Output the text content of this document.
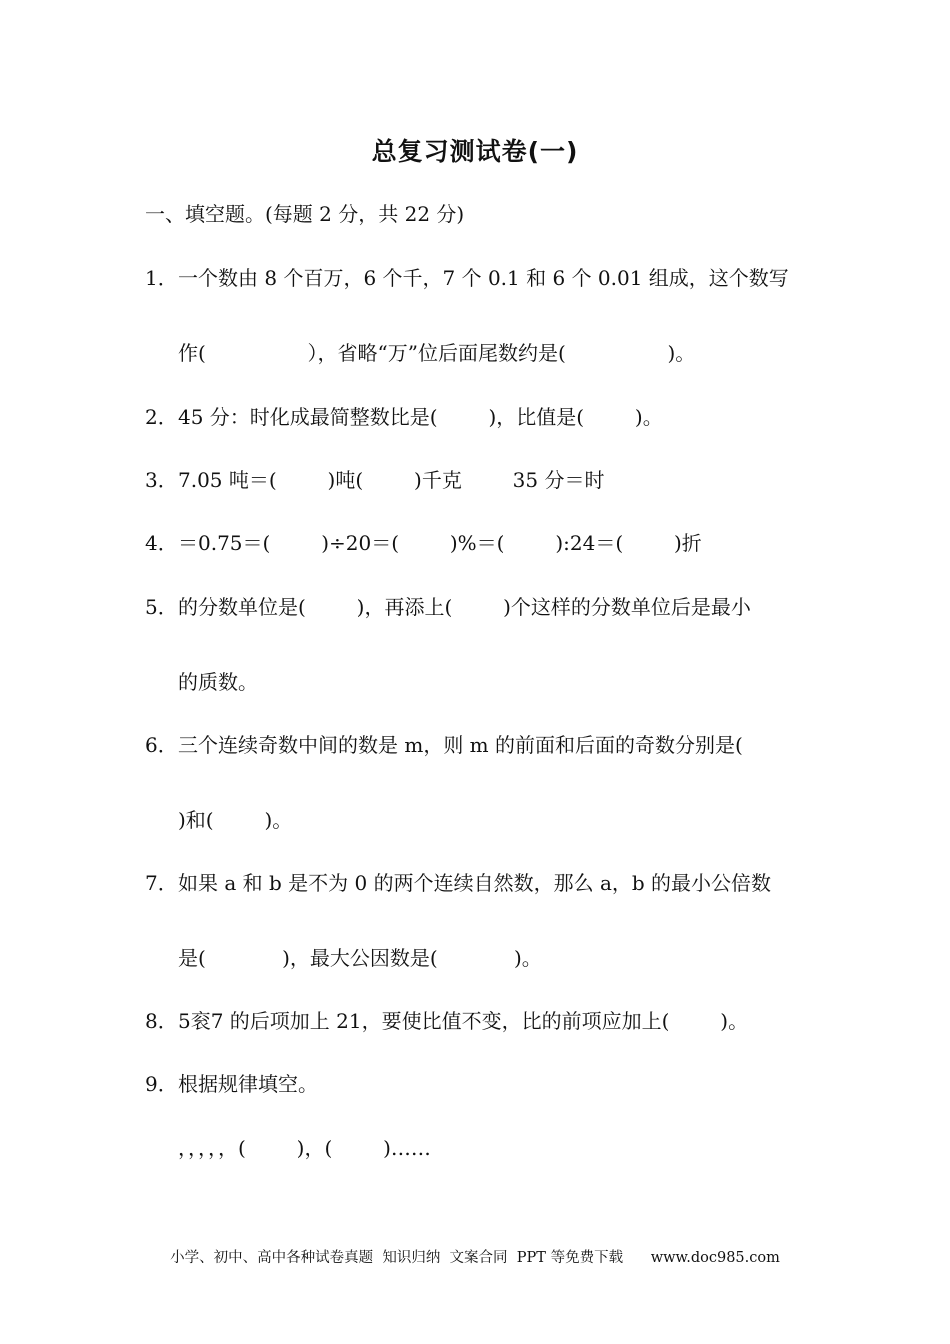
总复习测试卷(一)
一、填空题。(每题 2 分，共 22 分)
1．一个数由 8 个百万，6 个千，7 个 0.1 和 6 个 0.01 组成，这个数写
作(                ），省略“万”位后面尾数约是(                )。
2．45 分：时化成最简整数比是(        )，比值是(        )。
3．7.05 吨＝(        )吨(        )千克        35 分＝时
4．＝0.75＝(        )÷20＝(        )%＝(        ):24＝(        )折
5．的分数单位是(        )，再添上(        )个这样的分数单位后是最小
的质数。
6．三个连续奇数中间的数是 m，则 m 的前面和后面的奇数分别是(
)和(        )。
7．如果 a 和 b 是不为 0 的两个连续自然数，那么 a，b 的最小公倍数
是(            )，最大公因数是(            )。
8．5衮7 的后项加上 21，要使比值不变，比的前项应加上(        )。
9．根据规律填空。
，，，，，(        )，(        )……
小学、初中、高中各种试卷真题  知识归纳  文案合同  PPT 等免费下载      www.doc985.com
